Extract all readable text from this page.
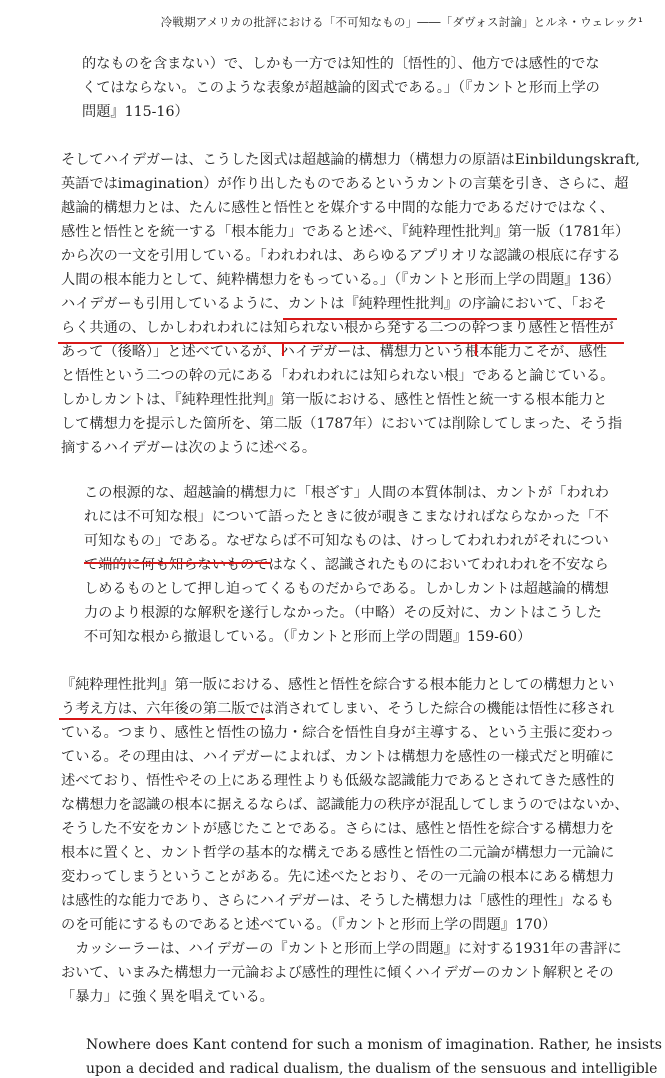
冷戦期アメリカの批評における「不可知なもの」――「ダヴォス討論」とルネ・ウェレック¹
的なものを含まない）で、しかも一方では知性的〔悟性的〕、他方では感性的でな
くてはならない。このような表象が超越論的図式である。」（『カントと形而上学の
問題』115-16）
そしてハイデガーは、こうした図式は超越論的構想力（構想力の原語はEinbildungskraft,
英語ではimagination）が作り出したものであるというカントの言葉を引き、さらに、超
越論的構想力とは、たんに感性と悟性とを媒介する中間的な能力であるだけではなく、
感性と悟性とを統一する「根本能力」であると述べ、『純粋理性批判』第一版（1781年）
から次の一文を引用している。「われわれは、あらゆるアプリオリな認識の根底に存する
人間の根本能力として、純粋構想力をもっている。」（『カントと形而上学の問題』136）
ハイデガーも引用しているように、カントは『純粋理性批判』の序論において、「おそ
らく共通の、しかしわれわれには知られない根から発する二つの幹つまり感性と悟性が
あって（後略）」と述べているが、ハイデガーは、構想力という根本能力こそが、感性
と悟性という二つの幹の元にある「われわれには知られない根」であると論じている。
しかしカントは、『純粋理性批判』第一版における、感性と悟性と統一する根本能力と
して構想力を提示した箇所を、第二版（1787年）においては削除してしまった、そう指
摘するハイデガーは次のように述べる。
この根源的な、超越論的構想力に「根ざす」人間の本質体制は、カントが「われわ
れには不可知な根」について語ったときに彼が覗きこまなければならなかった「不
可知なもの」である。なぜならば不可知なものは、けっしてわれわれがそれについ
て端的に何も知らないものではなく、認識されたものにおいてわれわれを不安なら
しめるものとして押し迫ってくるものだからである。しかしカントは超越論的構想
力のより根源的な解釈を遂行しなかった。（中略）その反対に、カントはこうした
不可知な根から撤退している。（『カントと形而上学の問題』159-60）
『純粋理性批判』第一版における、感性と悟性を綜合する根本能力としての構想力とい
う考え方は、六年後の第二版では消されてしまい、そうした綜合の機能は悟性に移され
ている。つまり、感性と悟性の協力・綜合を悟性自身が主導する、という主張に変わっ
ている。その理由は、ハイデガーによれば、カントは構想力を感性の一様式だと明確に
述べており、悟性やその上にある理性よりも低級な認識能力であるとされてきた感性的
な構想力を認識の根本に据えるならば、認識能力の秩序が混乱してしまうのではないか、
そうした不安をカントが感じたことである。さらには、感性と悟性を綜合する構想力を
根本に置くと、カント哲学の基本的な構えである感性と悟性の二元論が構想力一元論に
変わってしまうということがある。先に述べたとおり、その一元論の根本にある構想力
は感性的な能力であり、さらにハイデガーは、そうした構想力は「感性的理性」なるも
のを可能にするものであると述べている。（『カントと形而上学の問題』170）
　カッシーラーは、ハイデガーの『カントと形而上学の問題』に対する1931年の書評に
おいて、いまみた構想力一元論および感性的理性に傾くハイデガーのカント解釈とその
「暴力」に強く異を唱えている。
Nowhere does Kant contend for such a monism of imagination. Rather, he insists
upon a decided and radical dualism, the dualism of the sensuous and intelligible
